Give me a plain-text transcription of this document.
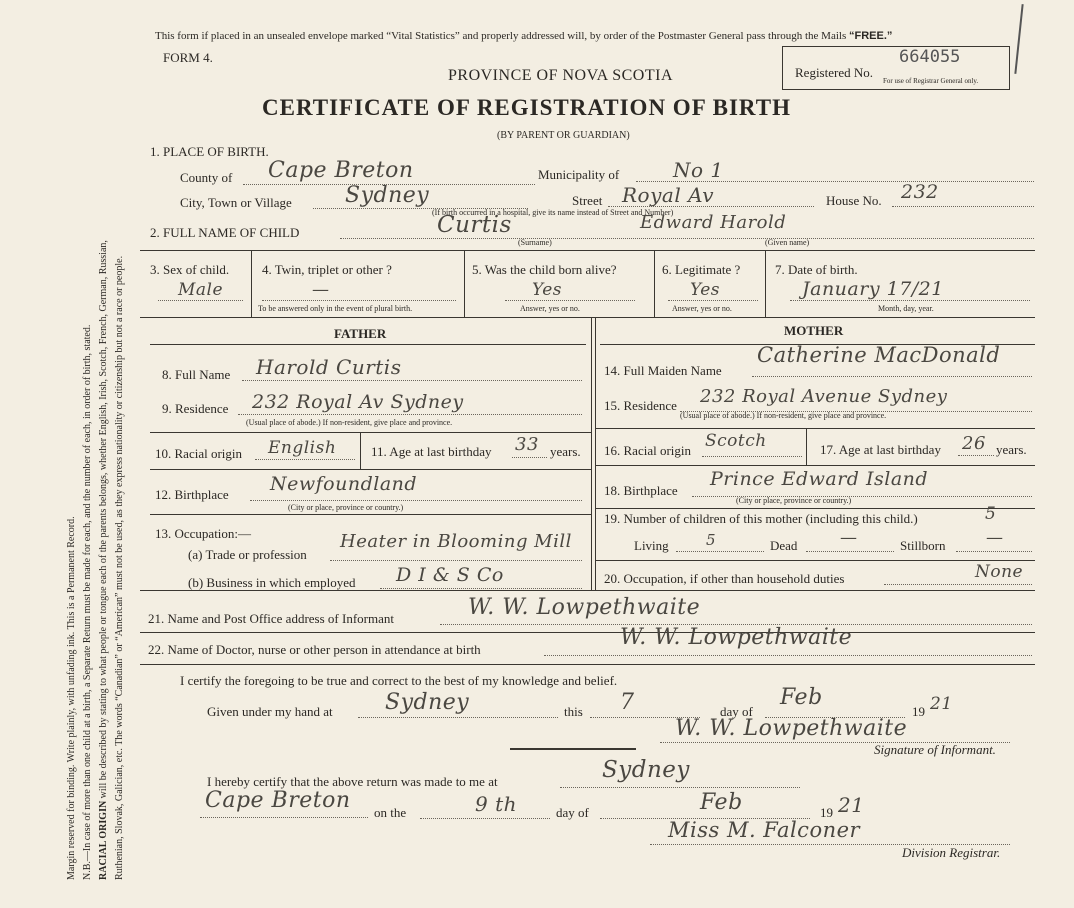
Margin reserved for binding. Write plainly, with unfading ink. This is a Permanent Record. N.B.—In case of more than one child at a birth, a Separate Return must be made for each, and the number of each, in order of birth, stated. RACIAL ORIGIN will be described by stating to what people or tongue each of the parents belongs, whether English, Irish, Scotch, French, German, Russian, Ruthenian, Slovak, Galician, etc. The words “Canadian” or “American” must not be used, as they express nationality or citizenship but not a race or people.
This form if placed in an unsealed envelope marked “Vital Statistics” and properly addressed will, by order of the Postmaster General pass through the Mails “FREE.”
FORM 4.
PROVINCE OF NOVA SCOTIA
CERTIFICATE OF REGISTRATION OF BIRTH
(BY PARENT OR GUARDIAN)
Registered No.
664055
For use of Registrar General only.
1. PLACE OF BIRTH.
County of Cape Breton	Municipality of	No 1
City, Town or Village Sydney	Street Royal Av	House No. 232
(If birth occurred in a hospital, give its name instead of Street and Number)
2. FULL NAME OF CHILD	Curtis	Edward Harold
(Surname)	(Given name)
3. Sex of child.
Male
4. Twin, triplet or other ?
—
To be answered only in the event of plural birth.
5. Was the child born alive?
Yes
Answer, yes or no.
6. Legitimate ?
Yes
Answer, yes or no.
7. Date of birth.
January 17/21
Month, day, year.
FATHER	MOTHER
8. Full Name Harold Curtis
9. Residence 232 Royal Av Sydney
(Usual place of abode.) If non-resident, give place and province.
10. Racial origin English	11. Age at last birthday 33 years.
12. Birthplace Newfoundland
(City or place, province or country.)
13. Occupation:—
(a) Trade or profession
Heater in Blooming Mill
(b) Business in which employed D I & S Co
14. Full Maiden Name
Catherine MacDonald
15. Residence 232 Royal Avenue Sydney
(Usual place of abode.) If non-resident, give place and province.
16. Racial origin Scotch	17. Age at last birthday 26 years.
18. Birthplace
Prince Edward Island
(City or place, province or country.)
19. Number of children of this mother (including this child.)	5
Living 5	Dead	—	Stillborn —
20. Occupation, if other than household duties	None
21. Name and Post Office address of Informant	W. W. Lowpethwaite
22. Name of Doctor, nurse or other person in attendance at birth	W. W. Lowpethwaite
I certify the foregoing to be true and correct to the best of my knowledge and belief.
Given under my hand at Sydney	this 7	day of
Feb
19 21
W. W. Lowpethwaite
Signature of Informant.
I hereby certify that the above return was made to me at	Sydney
Cape Breton on the	9 th	day of	Feb	19 21
Miss M. Falconer
Division Registrar.
